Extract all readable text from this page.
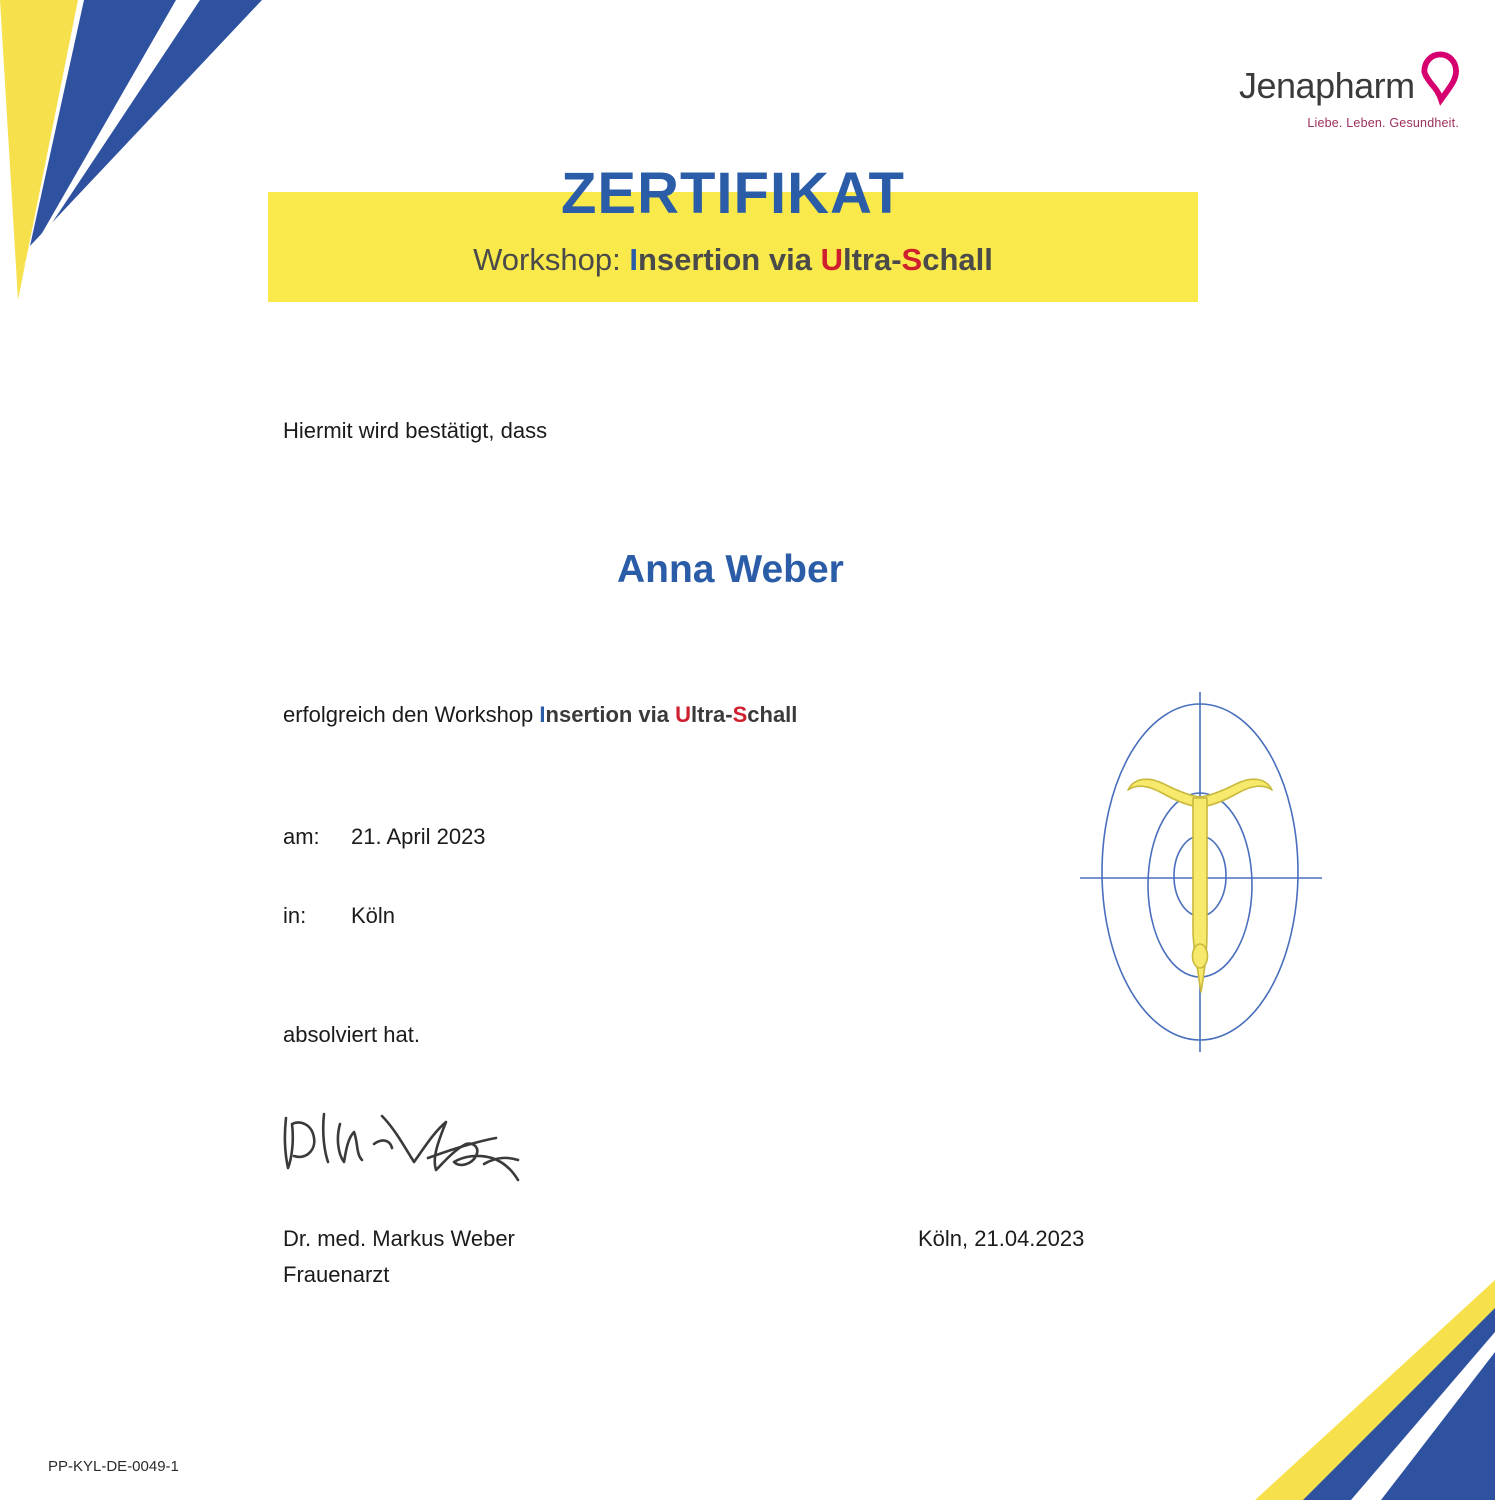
Jenapharm
Liebe. Leben. Gesundheit.
ZERTIFIKAT
Workshop: Insertion via Ultra-Schall
Hiermit wird bestätigt, dass
Anna Weber
erfolgreich den Workshop Insertion via Ultra-Schall
am: 21. April 2023
in: Köln
absolviert hat.
Dr. med. Markus Weber
Frauenarzt
Köln, 21.04.2023
PP-KYL-DE-0049-1
